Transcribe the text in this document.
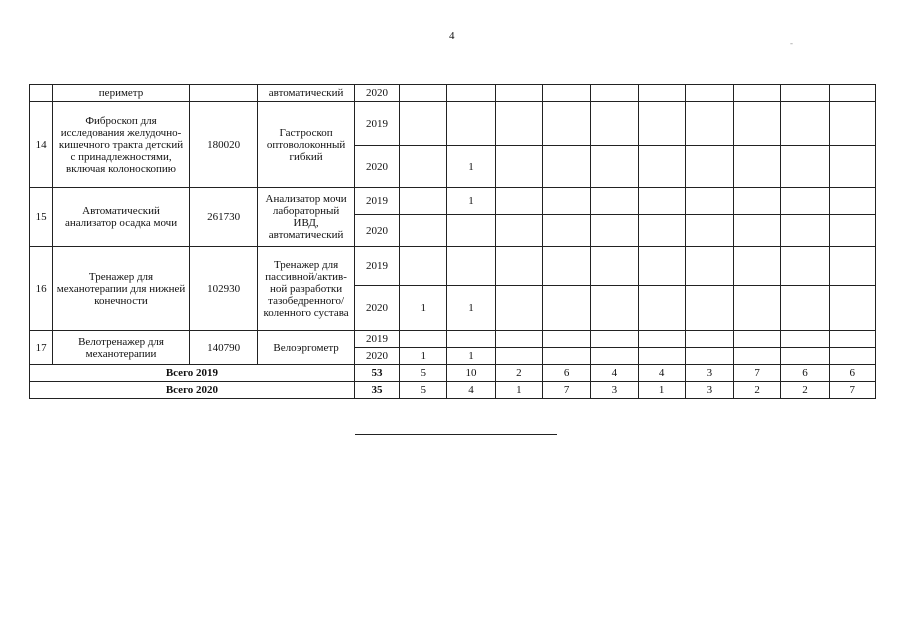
4
-
	периметр		автоматический	2020										
14	Фиброскоп для исследования желудочно-кишечного тракта детский с принадлежностями, включая колоноскопию	180020	Гастроскоп оптоволоконный гибкий	2019										
				2020		1								
15	Автоматический анализатор осадка мочи	261730	Анализатор мочи лабораторный ИВД, автоматический	2019		1								
				2020										
16	Тренажер для механотерапии для нижней конечности	102930	Тренажер для пассивной/актив-ной разработки тазобедренного/ коленного сустава	2019										
				2020	1	1								
17	Велотренажер для механотерапии	140790	Велоэргометр	2019										
				2020	1	1								
Всего 2019				53	5	10	2	6	4	4	3	7	6	6
Всего 2020				35	5	4	1	7	3	1	3	2	2	7
